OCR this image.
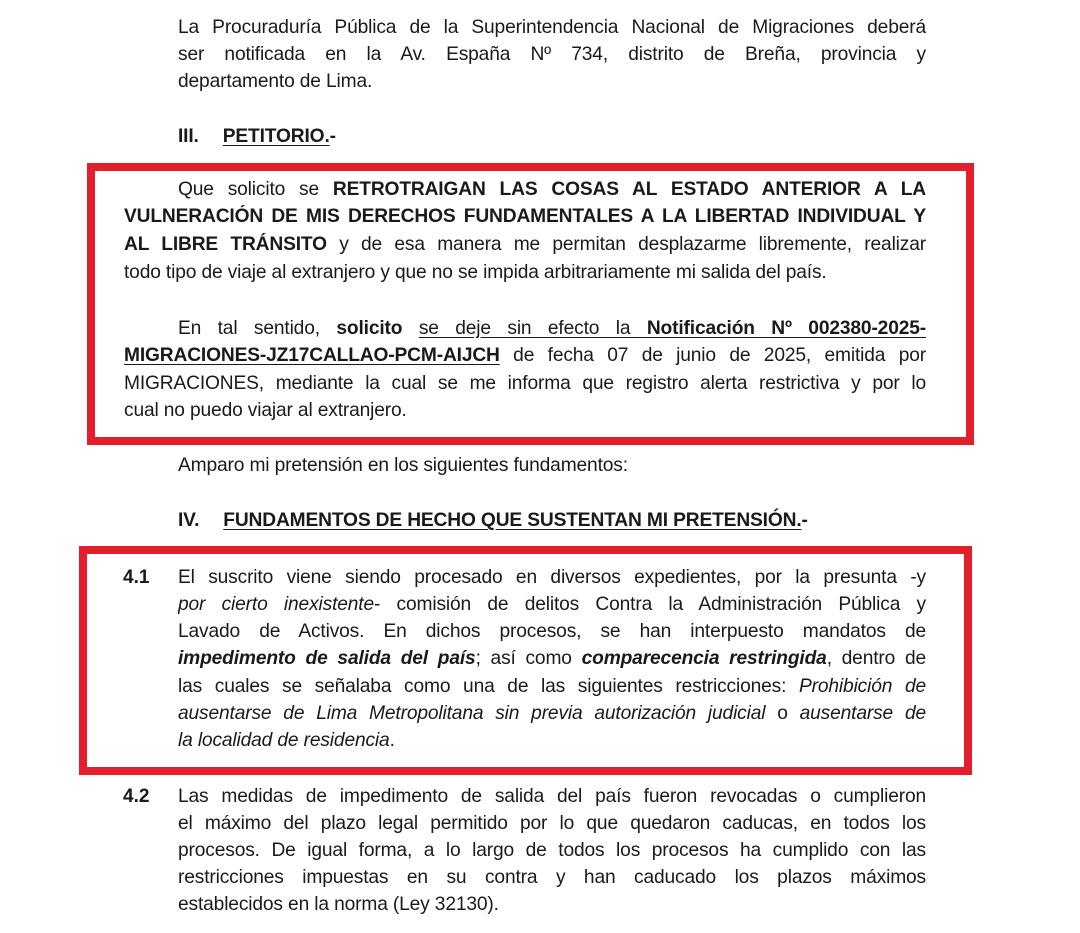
La Procuraduría Pública de la Superintendencia Nacional de Migraciones deberá
ser notificada en la Av. España Nº 734, distrito de Breña, provincia y
departamento de Lima.
III. PETITORIO.-
Que solicito se RETROTRAIGAN LAS COSAS AL ESTADO ANTERIOR A LA
VULNERACIÓN DE MIS DERECHOS FUNDAMENTALES A LA LIBERTAD INDIVIDUAL Y
AL LIBRE TRÁNSITO y de esa manera me permitan desplazarme libremente, realizar
todo tipo de viaje al extranjero y que no se impida arbitrariamente mi salida del país.
En tal sentido, solicito se deje sin efecto la Notificación Nº 002380-2025-
MIGRACIONES-JZ17CALLAO-PCM-AIJCH de fecha 07 de junio de 2025, emitida por
MIGRACIONES, mediante la cual se me informa que registro alerta restrictiva y por lo
cual no puedo viajar al extranjero.
Amparo mi pretensión en los siguientes fundamentos:
IV. FUNDAMENTOS DE HECHO QUE SUSTENTAN MI PRETENSIÓN.-
4.1 El suscrito viene siendo procesado en diversos expedientes, por la presunta -y
por cierto inexistente- comisión de delitos Contra la Administración Pública y
Lavado de Activos. En dichos procesos, se han interpuesto mandatos de
impedimento de salida del país; así como comparecencia restringida, dentro de
las cuales se señalaba como una de las siguientes restricciones: Prohibición de
ausentarse de Lima Metropolitana sin previa autorización judicial o ausentarse de
la localidad de residencia.
4.2 Las medidas de impedimento de salida del país fueron revocadas o cumplieron
el máximo del plazo legal permitido por lo que quedaron caducas, en todos los
procesos. De igual forma, a lo largo de todos los procesos ha cumplido con las
restricciones impuestas en su contra y han caducado los plazos máximos
establecidos en la norma (Ley 32130).
